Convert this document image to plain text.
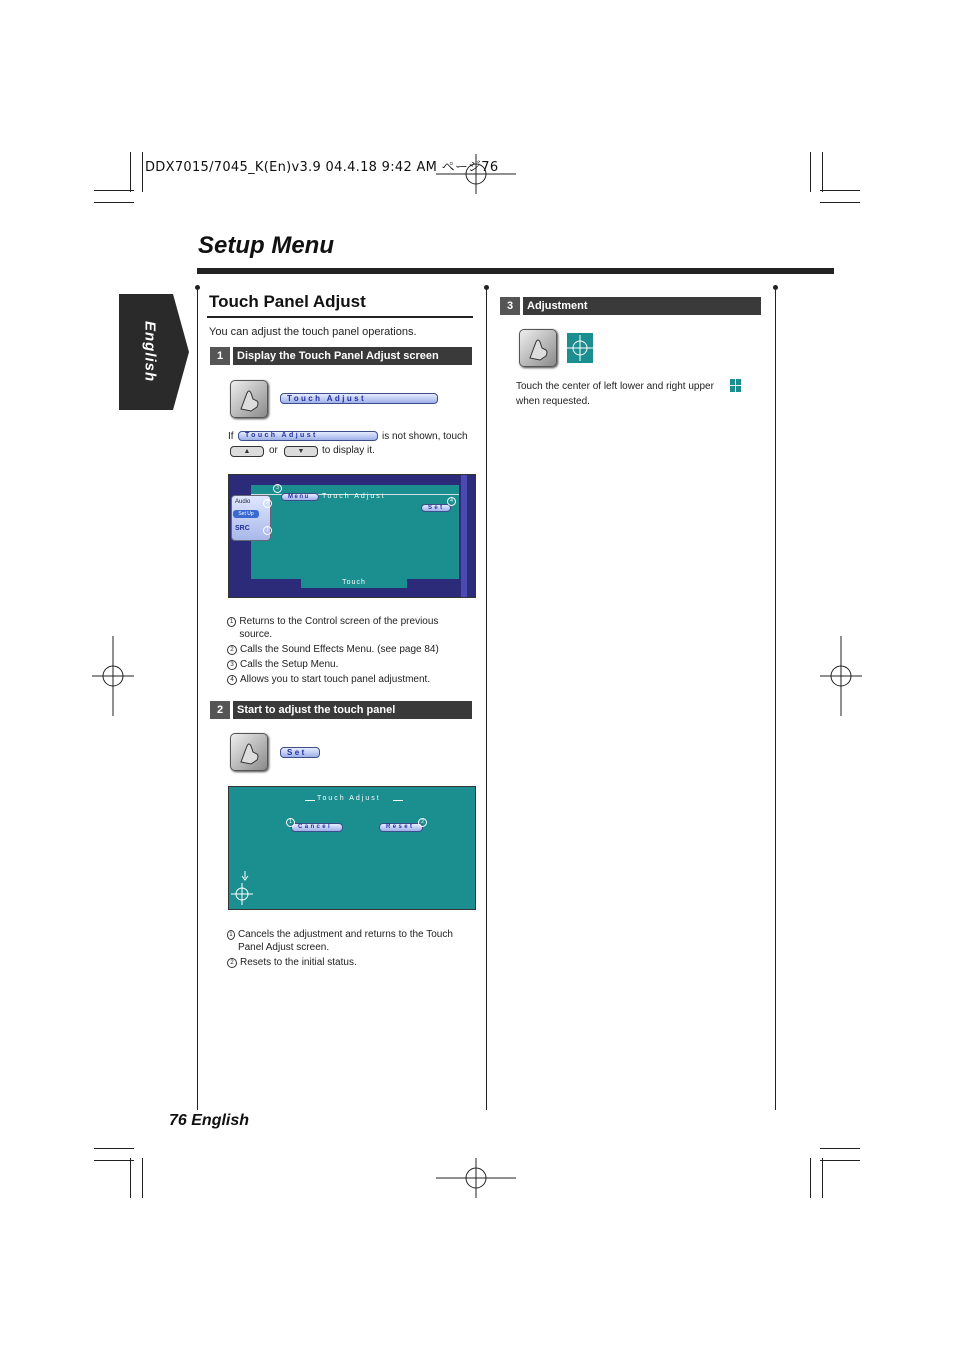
DDX7015/7045_K(En)v3.9 04.4.18 9:42 AM ページ76
Setup Menu
English
Touch Panel Adjust
You can adjust the touch panel operations.
1	Display the Touch Panel Adjust screen
Touch Adjust
If	Touch Adjust	is not shown, touch
▲	or	▼	to display it.
Menu	Touch Adjust
Set
Audio
Set Up
SRC
Touch
3
2
1
4
1 Returns to the Control screen of the previous source.
2 Calls the Sound Effects Menu. (see page 84)
3 Calls the Setup Menu.
4 Allows you to start touch panel adjustment.
2	Start to adjust the touch panel
Set
Touch Adjust
Cancel	Reset
1	2
1 Cancels the adjustment and returns to the Touch Panel Adjust screen.
2 Resets to the initial status.
3	Adjustment
Touch the center of left lower and right upper
when requested.
76 English
